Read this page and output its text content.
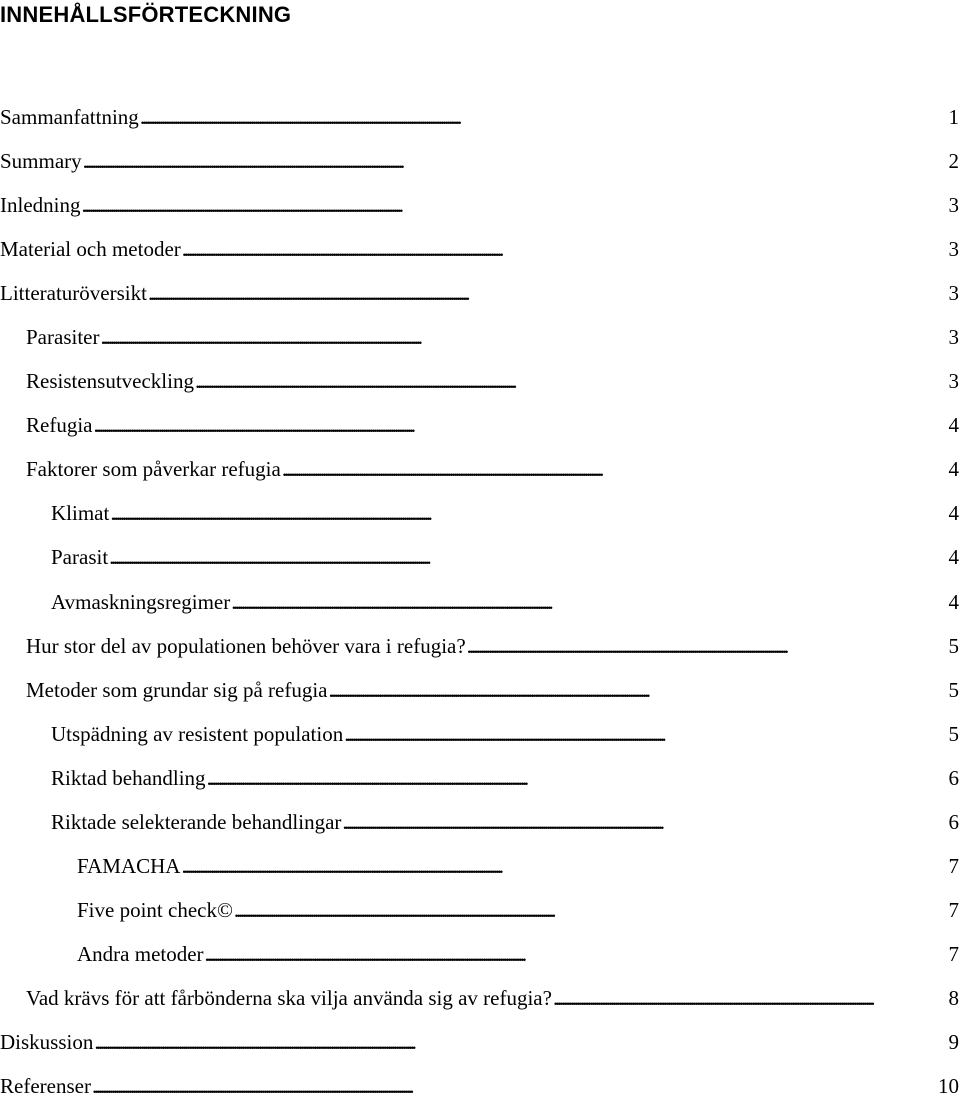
INNEHÅLLSFÖRTECKNING
Sammanfattning . . .	1
Summary . . .	2
Inledning . . .	3
Material och metoder . . .	3
Litteraturöversikt . . .	3
Parasiter . . .	3
Resistensutveckling . . .	3
Refugia . . .	4
Faktorer som påverkar refugia . . .	4
Klimat . . .	4
Parasit . . .	4
Avmaskningsregimer . . .	4
Hur stor del av populationen behöver vara i refugia? . . .	5
Metoder som grundar sig på refugia . . .	5
Utspädning av resistent population . . .	5
Riktad behandling . . .	6
Riktade selekterande behandlingar . . .	6
FAMACHA . . .	7
Five point check© . . .	7
Andra metoder . . .	7
Vad krävs för att fårbönderna ska vilja använda sig av refugia? . . .	8
Diskussion . . .	9
Referenser . . .	10
